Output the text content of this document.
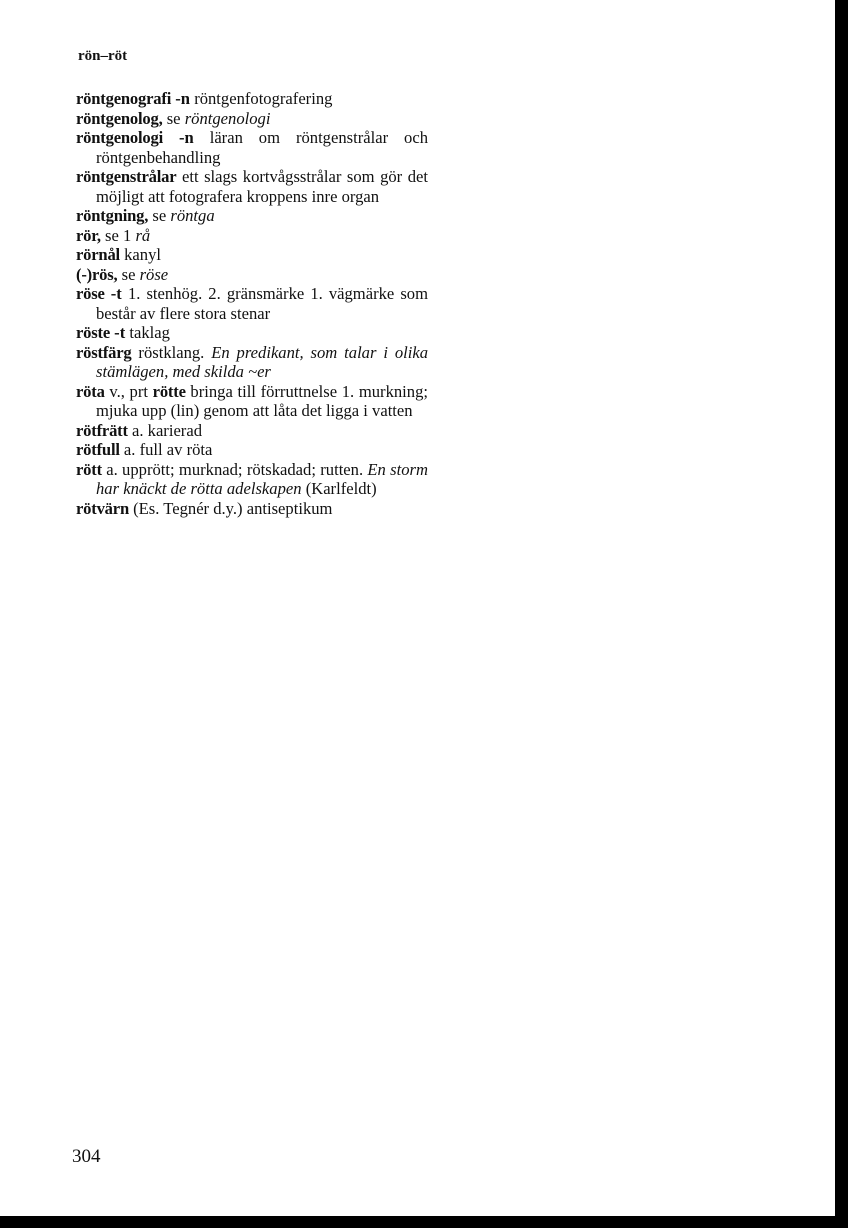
rön–röt
röntgenografi -n röntgenfotografering
röntgenolog, se röntgenologi
röntgenologi -n läran om röntgenstrålar och röntgenbehandling
röntgenstrålar ett slags kortvågsstrålar som gör det möjligt att fotografera kroppens inre organ
röntgning, se röntga
rör, se 1 rå
rörnål kanyl
(-)rös, se röse
röse -t 1. stenhög. 2. gränsmärke 1. vägmärke som består av flere stora stenar
röste -t taklag
röstfärg röstklang. En predikant, som talar i olika stämlägen, med skilda ~er
röta v., prt rötte bringa till förruttnelse 1. murkning; mjuka upp (lin) genom att låta det ligga i vatten
rötfrätt a. karierad
rötfull a. full av röta
rött a. upprött; murknad; rötskadad; rutten. En storm har knäckt de rötta adelskapen (Karlfeldt)
rötvärn (Es. Tegnér d.y.) antiseptikum
304
